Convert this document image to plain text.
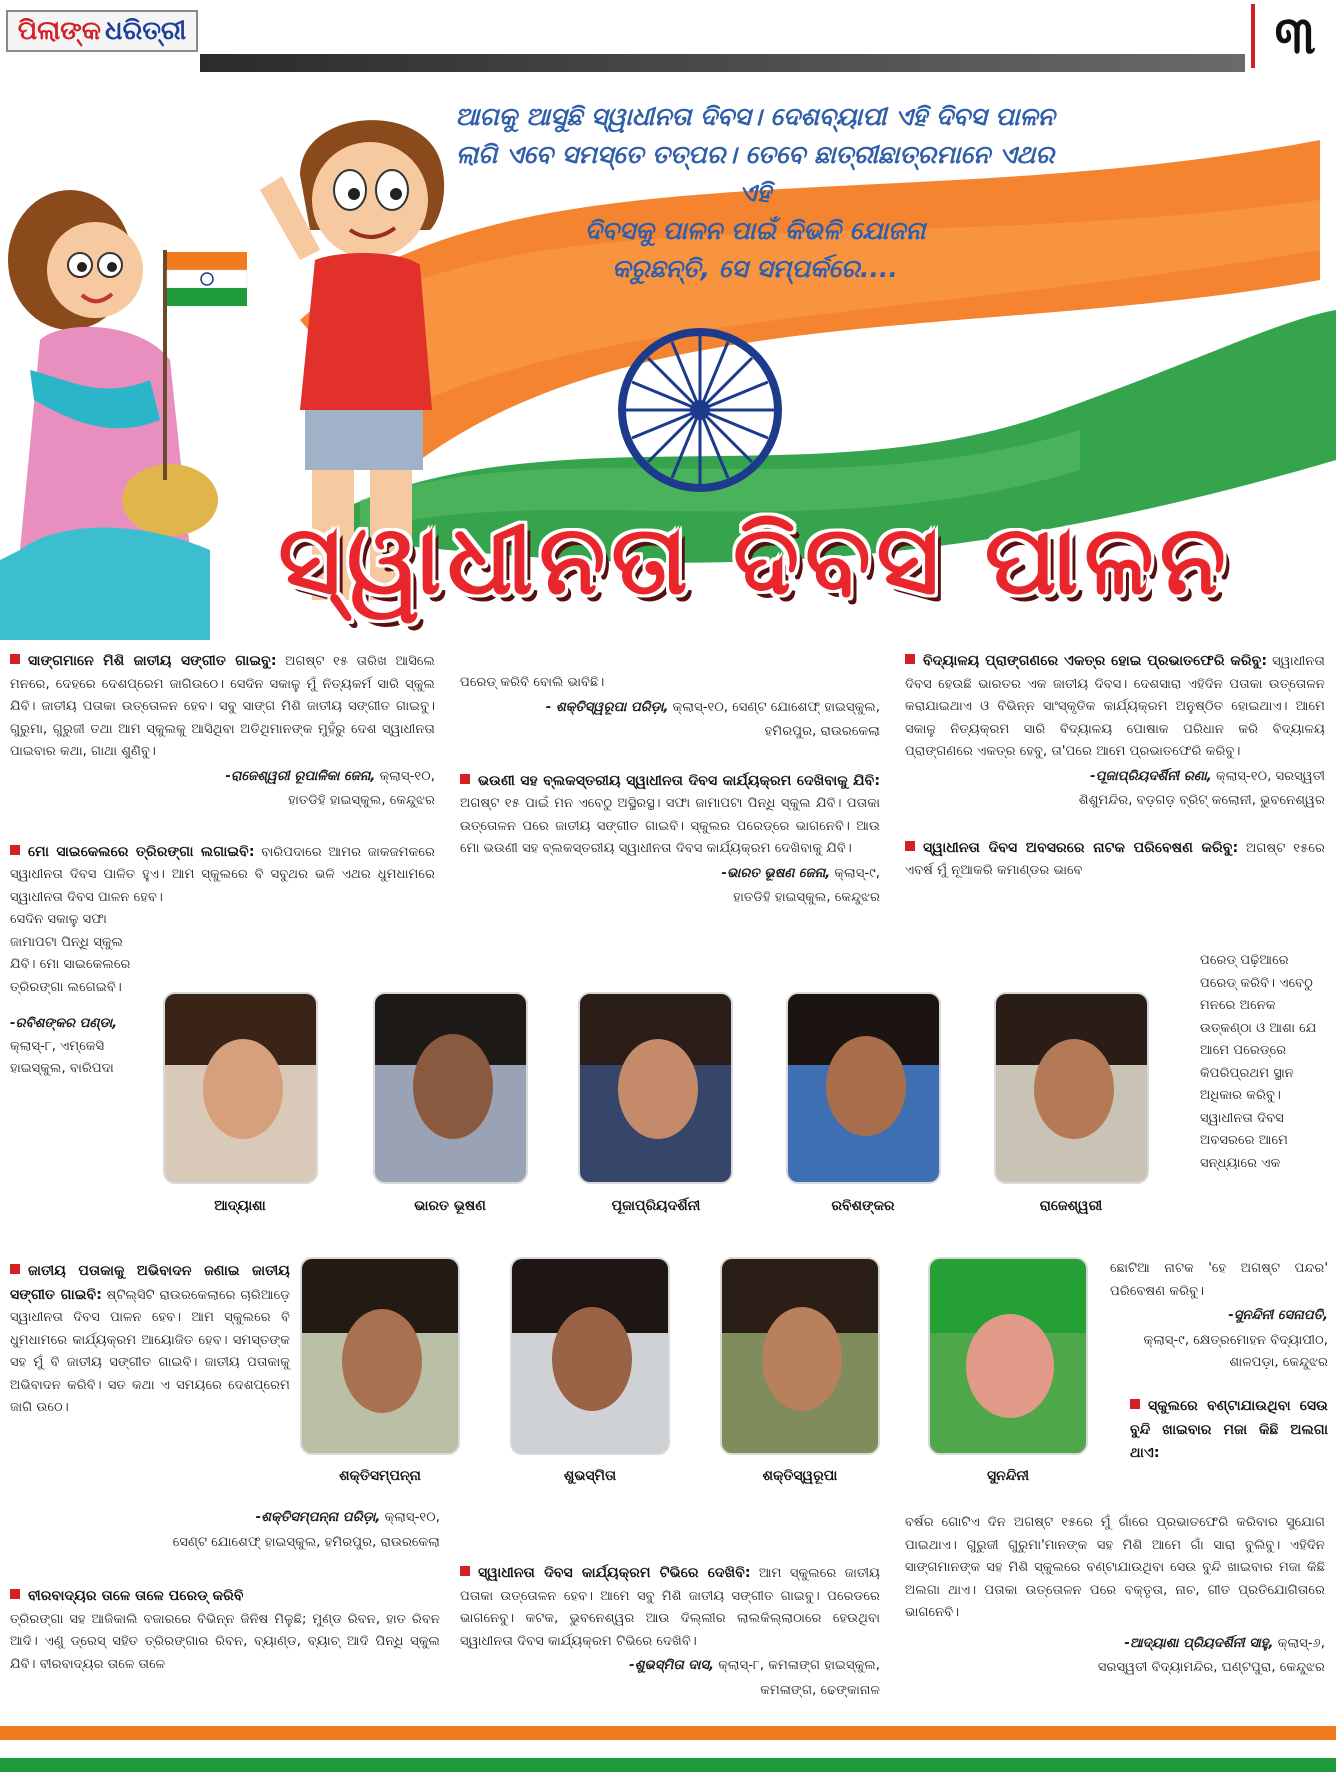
ପିଲାଙ୍କ ଧରିତ୍ରୀ	୩
ଆଗକୁ ଆସୁଛି ସ୍ୱାଧୀନତା ଦିବସ। ଦେଶବ୍ୟାପୀ ଏହି ଦିବସ ପାଳନ
ଲାଗି ଏବେ ସମସ୍ତେ ତତ୍ପର। ତେବେ ଛାତ୍ରୀଛାତ୍ରମାନେ ଏଥର ଏହି
ଦିବସକୁ ପାଳନ ପାଇଁ କିଭଳି ଯୋଜନା
କରୁଛନ୍ତି, ସେ ସମ୍ପର୍କରେ....
ସ୍ୱାଧୀନତା ଦିବସ ପାଳନ

ସାଙ୍ଗମାନେ ମିଶି ଜାତୀୟ ସଙ୍ଗୀତ ଗାଇବୁ: ଅଗଷ୍ଟ ୧୫ ତାରିଖ ଆସିଲେ ମନରେ, ଦେହରେ ଦେଶପ୍ରେମ ଜାଗିଉଠେ। ସେଦିନ ସକାଳୁ ମୁଁ ନିତ୍ୟକର୍ମ ସାରି ସ୍କୁଲ ଯିବି। ଜାତୀୟ ପତାକା ଉତ୍ତୋଳନ ହେବ। ସବୁ ସାଙ୍ଗ ମିଶି ଜାତୀୟ ସଙ୍ଗୀତ ଗାଇବୁ। ଗୁରୁମା, ଗୁରୁଜୀ ତଥା ଆମ ସ୍କୁଲକୁ ଆସିଥିବା ଅତିଥିମାନଙ୍କ ମୁହଁରୁ ଦେଶ ସ୍ୱାଧୀନତା ପାଇବାର କଥା, ଗାଥା ଶୁଣିବୁ।

-ରାଜେଶ୍ୱରୀ ରୂପାଳିକା ଜେନା, କ୍ଲାସ୍‌-୧୦,
ହାତଡିହି ହାଇସ୍କୁଲ, କେନ୍ଦୁଝର

ମୋ ସାଇକେଲରେ ତ୍ରିରଙ୍ଗା ଲଗାଇବି: ବାରିପଦାରେ ଆମର ଜାକଜମକରେ ସ୍ୱାଧୀନତା ଦିବସ ପାଳିତ ହୁଏ। ଆମ ସ୍କୁଲରେ ବି ସବୁଥର ଭଳି ଏଥର ଧୁମଧାମରେ ସ୍ୱାଧୀନତା ଦିବସ ପାଳନ ହେବ।

ସେଦିନ ସକାଳୁ ସଫା ଜାମାପଟା ପିନ୍ଧି ସ୍କୁଲ ଯିବି। ମୋ ସାଇକେଲରେ ତ୍ରିରଙ୍ଗା ଲଗେଇବି।

-ରବିଶଙ୍କର ପଣ୍ଡା, କ୍ଲାସ୍‌-୮, ଏମ୍‌କେସି ହାଇସ୍କୁଲ, ବାରିପଦା

ଜାତୀୟ ପତାକାକୁ ଅଭିବାଦନ ଜଣାଇ ଜାତୀୟ ସଙ୍ଗୀତ ଗାଇବି: ଷ୍ଟିଲ୍‌ସିଟି ରାଉରକେଲାରେ ଚାରିଆଡ଼େ ସ୍ୱାଧୀନତା ଦିବସ ପାଳନ ହେବ। ଆମ ସ୍କୁଲରେ ବି ଧୁମଧାମରେ କାର୍ଯ୍ୟକ୍ରମ ଆୟୋଜିତ ହେବ। ସମସ୍ତଙ୍କ ସହ ମୁଁ ବି ଜାତୀୟ ସଙ୍ଗୀତ ଗାଇବି। ଜାତୀୟ ପତାକାକୁ ଅଭିବାଦନ କରିବି। ସତ କଥା ଏ ସମୟରେ ଦେଶପ୍ରେମ ଜାଗି ଉଠେ।

-ଶକ୍ତିସମ୍ପନ୍ନା ପରିଡ଼ା, କ୍ଲାସ୍‌-୧୦,
ସେଣ୍ଟ ଯୋଶେଫ୍‌ ହାଇସ୍କୁଲ, ହମିରପୁର, ରାଉରକେଲା

ବୀରବାଦ୍ୟର ତାଳେ ତାଳେ ପରେଡ୍‌ କରିବି
ତ୍ରିରଙ୍ଗା ସହ ଆଜିକାଲି ବଜାରରେ ବିଭିନ୍ନ ଜିନିଷ ମିଳୁଛି; ମୁଣ୍ଡ ରିବନ, ହାତ ରିବନ ଆଦି। ଏଣୁ ଡ୍ରେସ୍‌ ସହିତ ତ୍ରିରଙ୍ଗାର ରିବନ, ବ୍ୟାଣ୍ଡ, ବ୍ୟାଚ୍‌ ଆଦି ପିନ୍ଧି ସ୍କୁଲ ଯିବି। ବୀରବାଦ୍ୟର ତାଳେ ତାଳେ

ପରେଡ୍‌ କରିବି ବୋଲି ଭାବିଛି।

- ଶକ୍ତିସ୍ୱରୂପା ପରିଡ଼ା, କ୍ଲାସ୍‌-୧୦, ସେଣ୍ଟ ଯୋଶେଫ୍‌ ହାଇସ୍କୁଲ,
ହମିରପୁର, ରାଉରକେଲା

ଭଉଣୀ ସହ ବ୍ଲକସ୍ତରୀୟ ସ୍ୱାଧୀନତା ଦିବସ କାର୍ଯ୍ୟକ୍ରମ ଦେଖିବାକୁ ଯିବି: ଅଗଷ୍ଟ ୧୫ ପାଇଁ ମନ ଏବେଠୁ ଅସ୍ଥିରସ୍ଥ। ସଫା ଜାମାପଟା ପିନ୍ଧି ସ୍କୁଲ ଯିବି। ପତାକା ଉତ୍ତୋଳନ ପରେ ଜାତୀୟ ସଙ୍ଗୀତ ଗାଇବି। ସ୍କୁଲର ପରେଡ୍‌ରେ ଭାଗନେବି। ଆଉ ମୋ ଭଉଣୀ ସହ ବ୍ଲକସ୍ତରୀୟ ସ୍ୱାଧୀନତା ଦିବସ କାର୍ଯ୍ୟକ୍ରମ ଦେଖିବାକୁ ଯିବି।

-ଭାରତ ଭୂଷଣ ଜେନା, କ୍ଲାସ୍‌-୯,
ହାତଡିହି ହାଇସ୍କୁଲ, କେନ୍ଦୁଝର

ସ୍ୱାଧୀନତା ଦିବସ କାର୍ଯ୍ୟକ୍ରମ ଟିଭିରେ ଦେଖିବି: ଆମ ସ୍କୁଲରେ ଜାତୀୟ ପତାକା ଉତ୍ତୋଳନ ହେବ। ଆମେ ସବୁ ମିଶି ଜାତୀୟ ସଙ୍ଗୀତ ଗାଇବୁ। ପରେଡରେ ଭାଗନେବୁ। କଟକ, ଭୁବନେଶ୍ୱର ଆଉ ଦିଲ୍ଲୀର ଲାଲକିଲ୍ଲାଠାରେ ହେଉଥିବା ସ୍ୱାଧୀନତା ଦିବସ କାର୍ଯ୍ୟକ୍ରମ ଟିଭିରେ ଦେଖିବି।

-ଶୁଭସ୍ମିତା ଦାସ, କ୍ଲାସ୍‌-୮, କମଳାଙ୍ଗ ହାଇସ୍କୁଲ,
କମଳାଙ୍ଗ, ଢେଙ୍କାନାଳ

ବିଦ୍ୟାଳୟ ପ୍ରାଙ୍ଗଣରେ ଏକତ୍ର ହୋଇ ପ୍ରଭାତଫେରି କରିବୁ: ସ୍ୱାଧୀନତା ଦିବସ ହେଉଛି ଭାରତର ଏକ ଜାତୀୟ ଦିବସ। ଦେଶସାରା ଏହିଦିନ ପତାକା ଉତ୍ତୋଳନ କରାଯାଇଥାଏ ଓ ବିଭିନ୍ନ ସାଂସ୍କୃତିକ କାର୍ଯ୍ୟକ୍ରମ ଅନୁଷ୍ଠିତ ହୋଇଥାଏ। ଆମେ ସକାଳୁ ନିତ୍ୟକ୍ରମ ସାରି ବିଦ୍ୟାଳୟ ପୋଷାକ ପରିଧାନ କରି ବିଦ୍ୟାଳୟ ପ୍ରାଙ୍ଗଣରେ ଏକତ୍ର ହେବୁ, ତା'ପରେ ଆମେ ପ୍ରଭାତଫେରି କରିବୁ।

-ପୂଜାପ୍ରିୟଦର୍ଶିନୀ ରଣା, କ୍ଲାସ୍‌-୧୦, ସରସ୍ୱତୀ
ଶିଶୁମନ୍ଦିର, ବଡ଼ଗଡ଼ ବ୍ରିଟ୍‌ କଲୋନୀ, ଭୁବନେଶ୍ୱର

ସ୍ୱାଧୀନତା ଦିବସ ଅବସରରେ ନାଟକ ପରିବେଷଣ କରିବୁ: ଅଗଷ୍ଟ ୧୫ରେ ଏବର୍ଷ ମୁଁ ନୂଆକରି କମାଣ୍ଡର ଭାବେ

ପରେଡ୍‌ ପଢ଼ିଆରେ ପରେଡ୍‌ କରିବି। ଏବେଠୁ ମନରେ ଅନେକ ଉତ୍କଣ୍ଠା ଓ ଆଶା ଯେ ଆମେ ପରେଡ୍‌ରେ କିପରିପ୍ରଥମ ସ୍ଥାନ ଅଧିକାର କରିବୁ। ସ୍ୱାଧୀନତା ଦିବସ ଅବସରରେ ଆମେ ସନ୍ଧ୍ୟାରେ ଏକ

ଛୋଟିଆ ନାଟକ 'ହେ ଅଗଷ୍ଟ ପନ୍ଦର' ପରିବେଷଣ କରିବୁ।

-ସୁନନ୍ଦିନୀ ସେନାପତି,
କ୍ଲାସ୍‌-୯, କ୍ଷେତ୍ରମୋହନ ବିଦ୍ୟାପୀଠ, ଶାଳପଡ଼ା, କେନ୍ଦୁଝର

ସ୍କୁଲରେ ବଣ୍ଟାଯାଉଥିବା ସେଉ ବୁନ୍ଦି ଖାଇବାର ମଜା କିଛି ଅଲଗା ଥାଏ:

ବର୍ଷର ଗୋଟିଏ ଦିନ ଅଗଷ୍ଟ ୧୫ରେ ମୁଁ ଗାଁରେ ପ୍ରଭାତଫେରି କରିବାର ସୁଯୋଗ ପାଇଥାଏ। ଗୁରୁଜୀ ଗୁରୁମା'ମାନଙ୍କ ସହ ମିଶି ଆମେ ଗାଁ ସାରା ବୁଲିବୁ। ଏହିଦିନ ସାଙ୍ଗମାନଙ୍କ ସହ ମିଶି ସ୍କୁଲରେ ବଣ୍ଟାଯାଉଥିବା ସେଉ ବୁନ୍ଦି ଖାଇବାର ମଜା କିଛି ଅଲଗା ଥାଏ। ପତାକା ଉତ୍ତୋଳନ ପରେ ବକ୍ତୃତା, ନାଚ, ଗୀତ ପ୍ରତିଯୋଗିତାରେ ଭାଗନେବି।

-ଆଦ୍ୟାଶା ପ୍ରିୟଦର୍ଶିନୀ ସାହୁ, କ୍ଲାସ୍‌-୬,
ସରସ୍ୱତୀ ବିଦ୍ୟାମନ୍ଦିର, ଘଣ୍ଟପୁରା, କେନ୍ଦୁଝର
ଆଦ୍ୟାଶା	ଭାରତ ଭୂଷଣ	ପୂଜାପ୍ରିୟଦର୍ଶିନୀ	ରବିଶଙ୍କର	ରାଜେଶ୍ୱରୀ
ଶକ୍ତିସମ୍ପନ୍ନା	ଶୁଭସ୍ମିତା	ଶକ୍ତିସ୍ୱରୂପା	ସୁନନ୍ଦିନୀ
